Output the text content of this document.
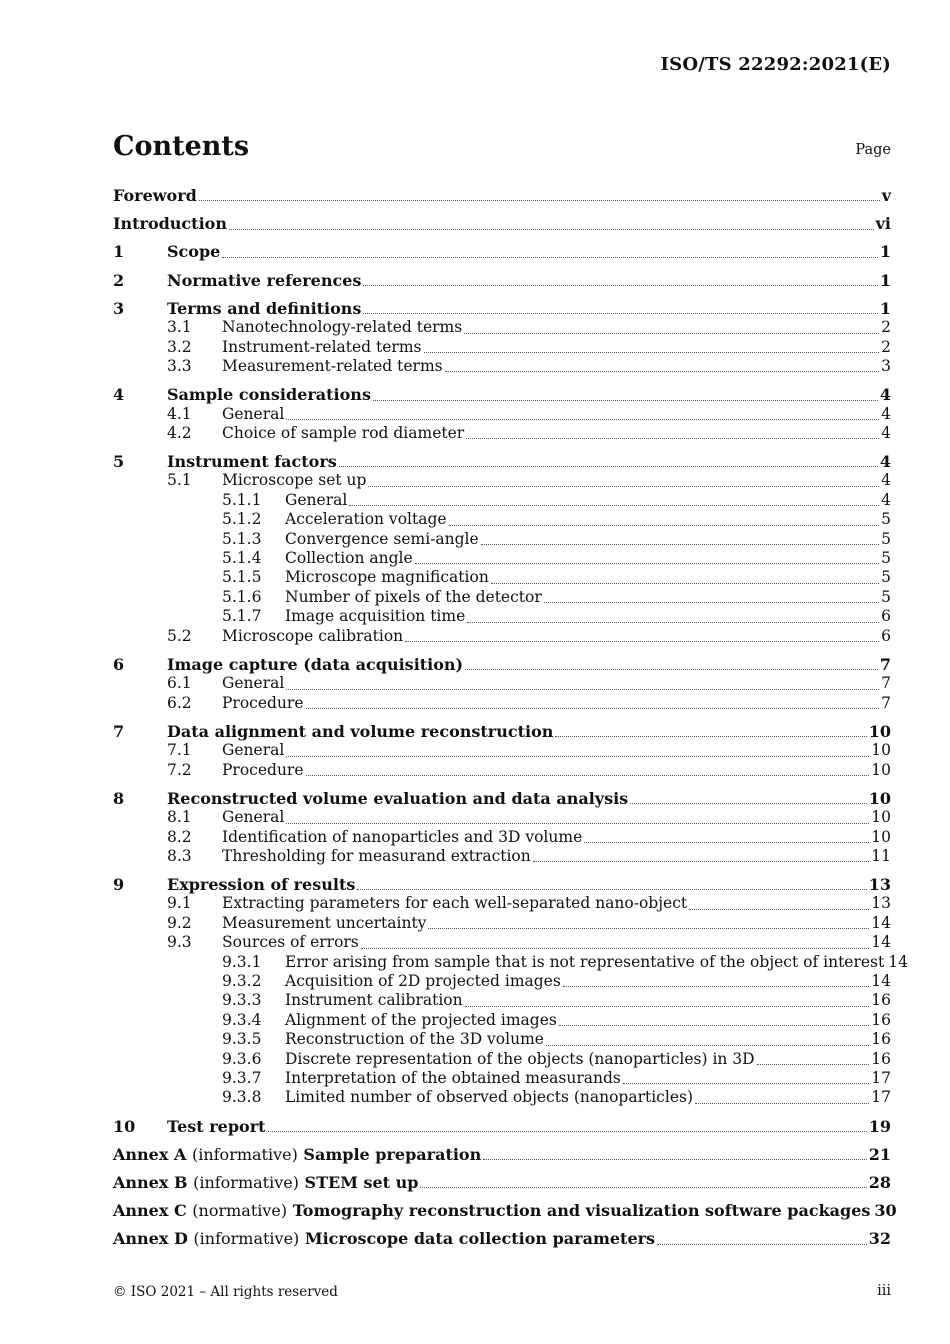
ISO/TS 22292:2021(E)
Contents	Page
Foreword	v
Introduction	vi
1	Scope	1
2	Normative references	1
3	Terms and definitions	1
3.1	Nanotechnology-related terms	2
3.2	Instrument-related terms	2
3.3	Measurement-related terms	3
4	Sample considerations	4
4.1	General	4
4.2	Choice of sample rod diameter	4
5	Instrument factors	4
5.1	Microscope set up	4
5.1.1	General	4
5.1.2	Acceleration voltage	5
5.1.3	Convergence semi-angle	5
5.1.4	Collection angle	5
5.1.5	Microscope magnification	5
5.1.6	Number of pixels of the detector	5
5.1.7	Image acquisition time	6
5.2	Microscope calibration	6
6	Image capture (data acquisition)	7
6.1	General	7
6.2	Procedure	7
7	Data alignment and volume reconstruction	10
7.1	General	10
7.2	Procedure	10
8	Reconstructed volume evaluation and data analysis	10
8.1	General	10
8.2	Identification of nanoparticles and 3D volume	10
8.3	Thresholding for measurand extraction	11
9	Expression of results	13
9.1	Extracting parameters for each well-separated nano-object	13
9.2	Measurement uncertainty	14
9.3	Sources of errors	14
9.3.1	Error arising from sample that is not representative of the object of interest 14
9.3.2	Acquisition of 2D projected images	14
9.3.3	Instrument calibration	16
9.3.4	Alignment of the projected images	16
9.3.5	Reconstruction of the 3D volume	16
9.3.6	Discrete representation of the objects (nanoparticles) in 3D	16
9.3.7	Interpretation of the obtained measurands	17
9.3.8	Limited number of observed objects (nanoparticles)	17
10	Test report	19
Annex A (informative) Sample preparation	21
Annex B (informative) STEM set up	28
Annex C (normative) Tomography reconstruction and visualization software packages 30
Annex D (informative) Microscope data collection parameters	32
© ISO 2021 – All rights reserved	iii
